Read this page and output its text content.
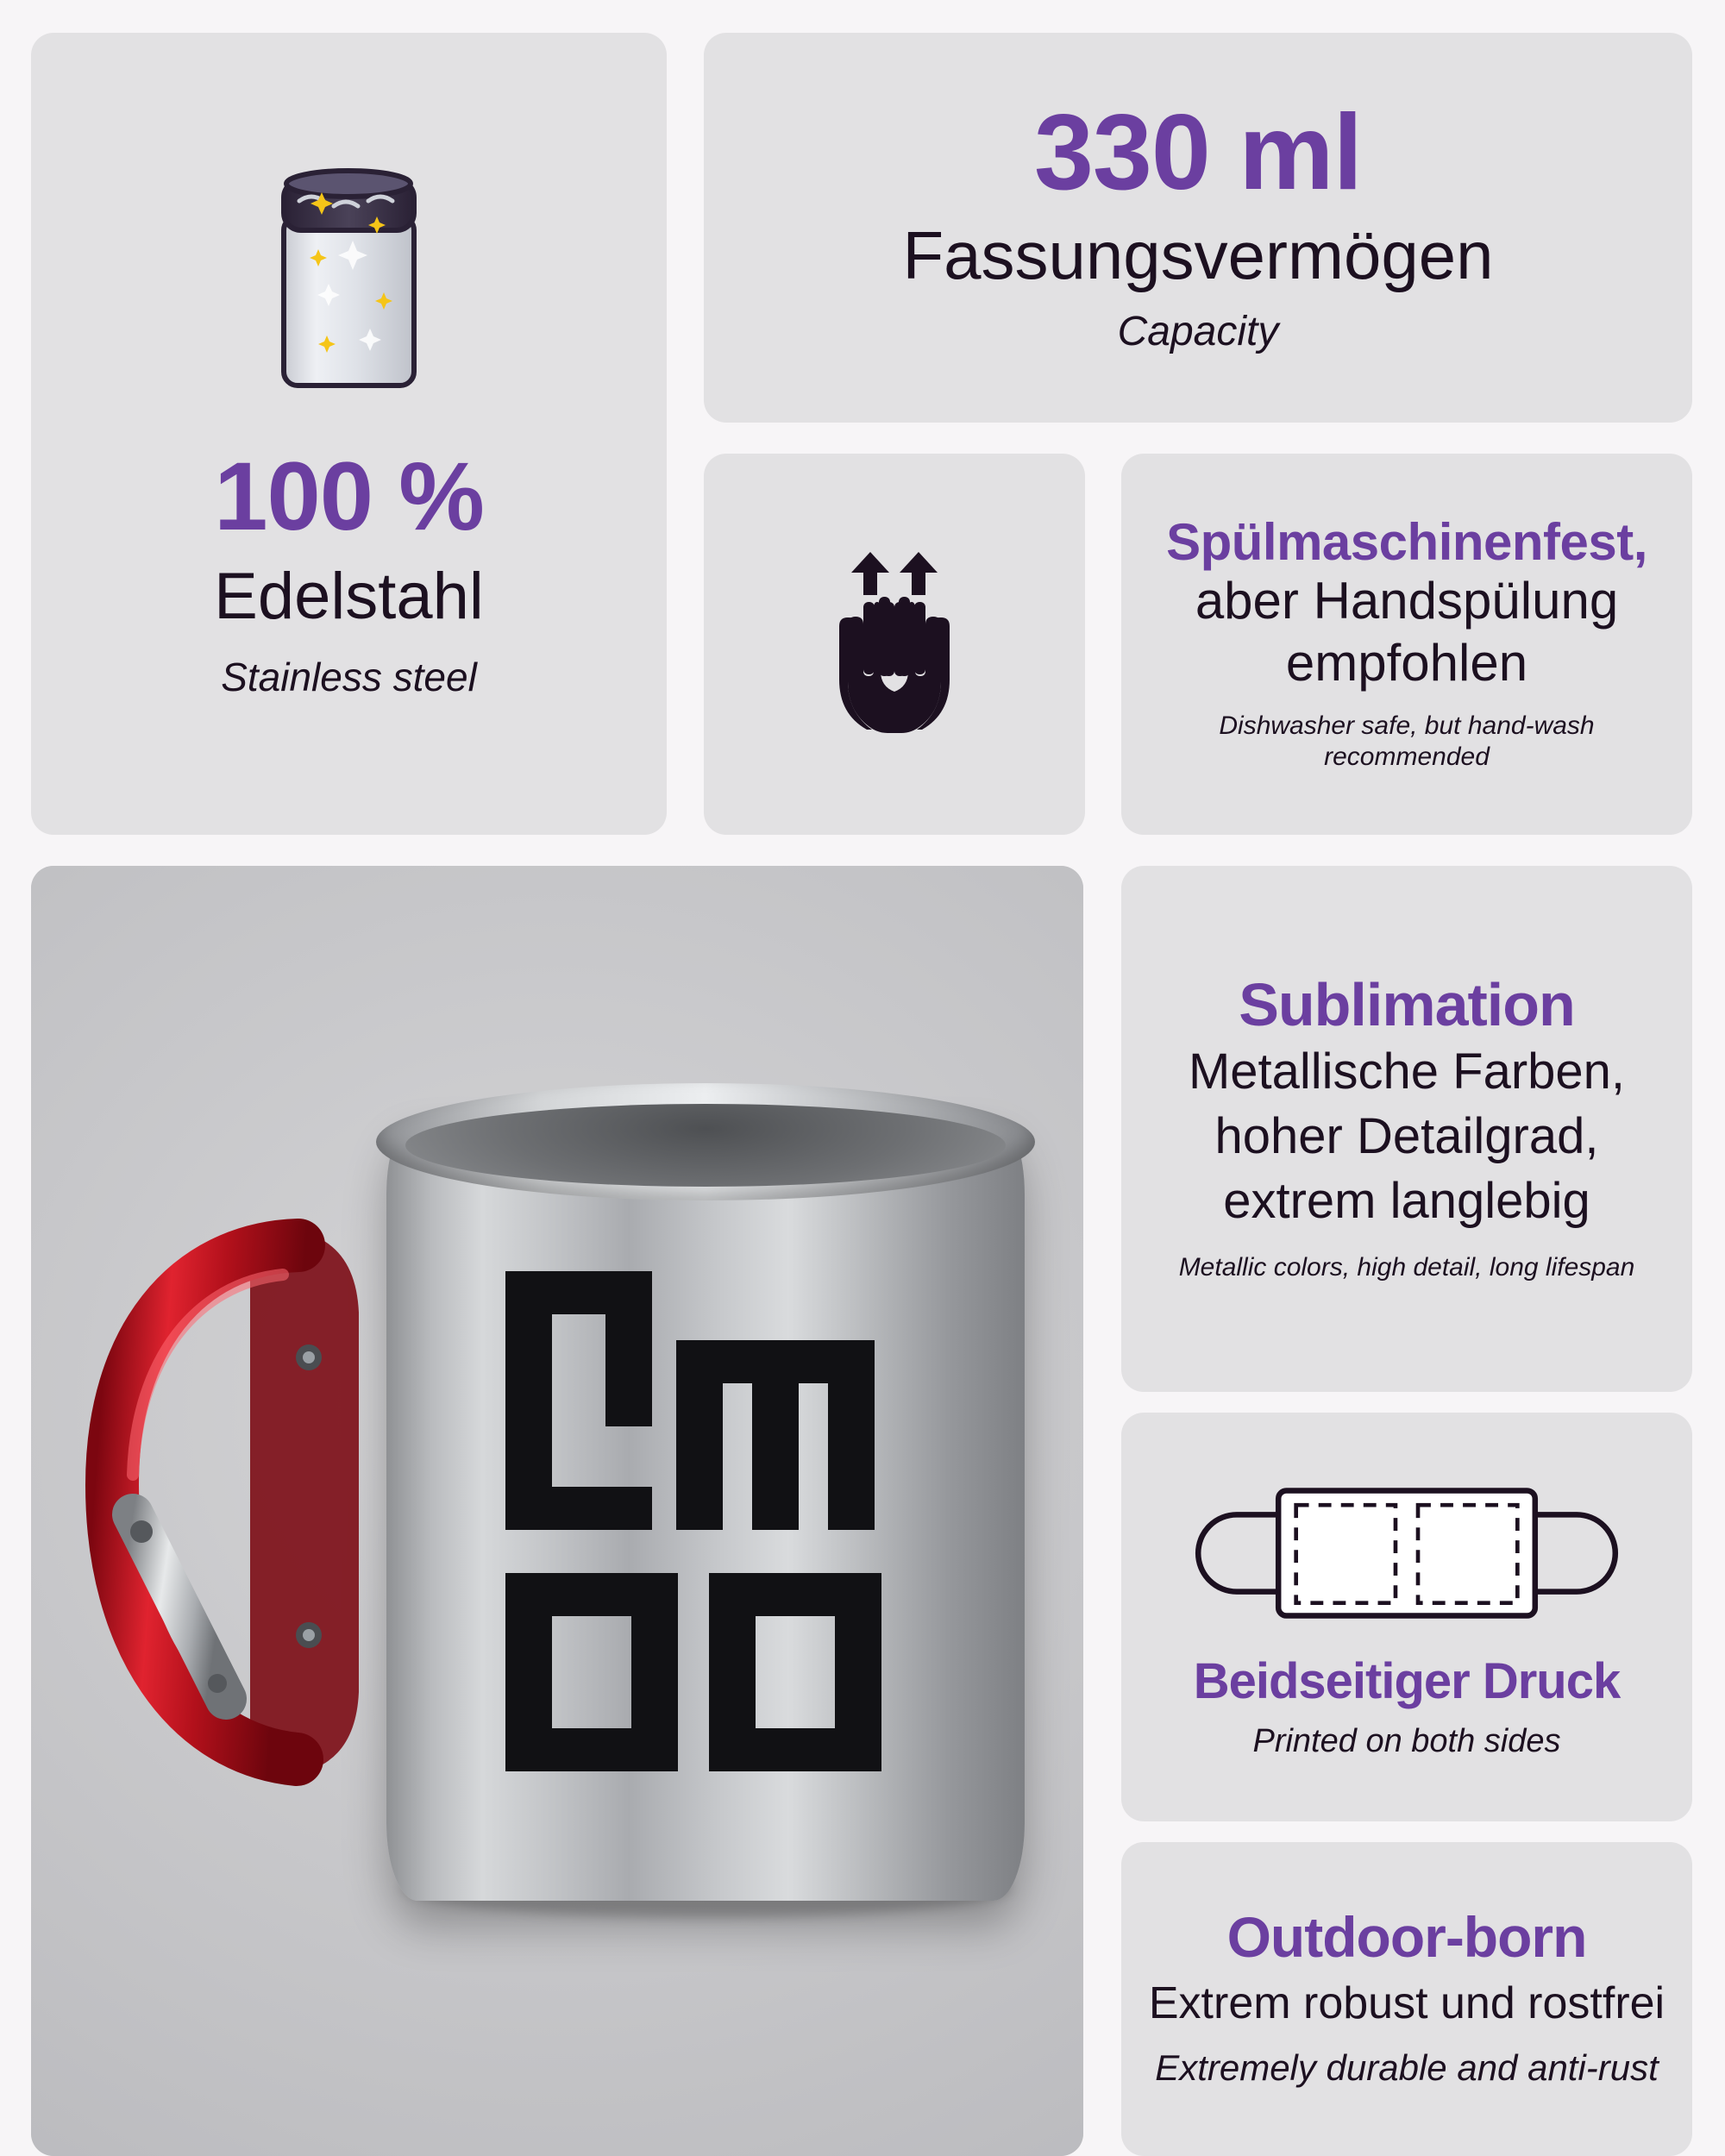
100 %
Edelstahl
Stainless steel
330 ml
Fassungsvermögen
Capacity
Spülmaschinenfest,
aber Handspülung
empfohlen
Dishwasher safe, but hand-wash recommended
Sublimation
Metallische Farben,
hoher Detailgrad,
extrem langlebig
Metallic colors, high detail, long lifespan
Beidseitiger Druck
Printed on both sides
Outdoor-born
Extrem robust und rostfrei
Extremely durable and anti-rust
